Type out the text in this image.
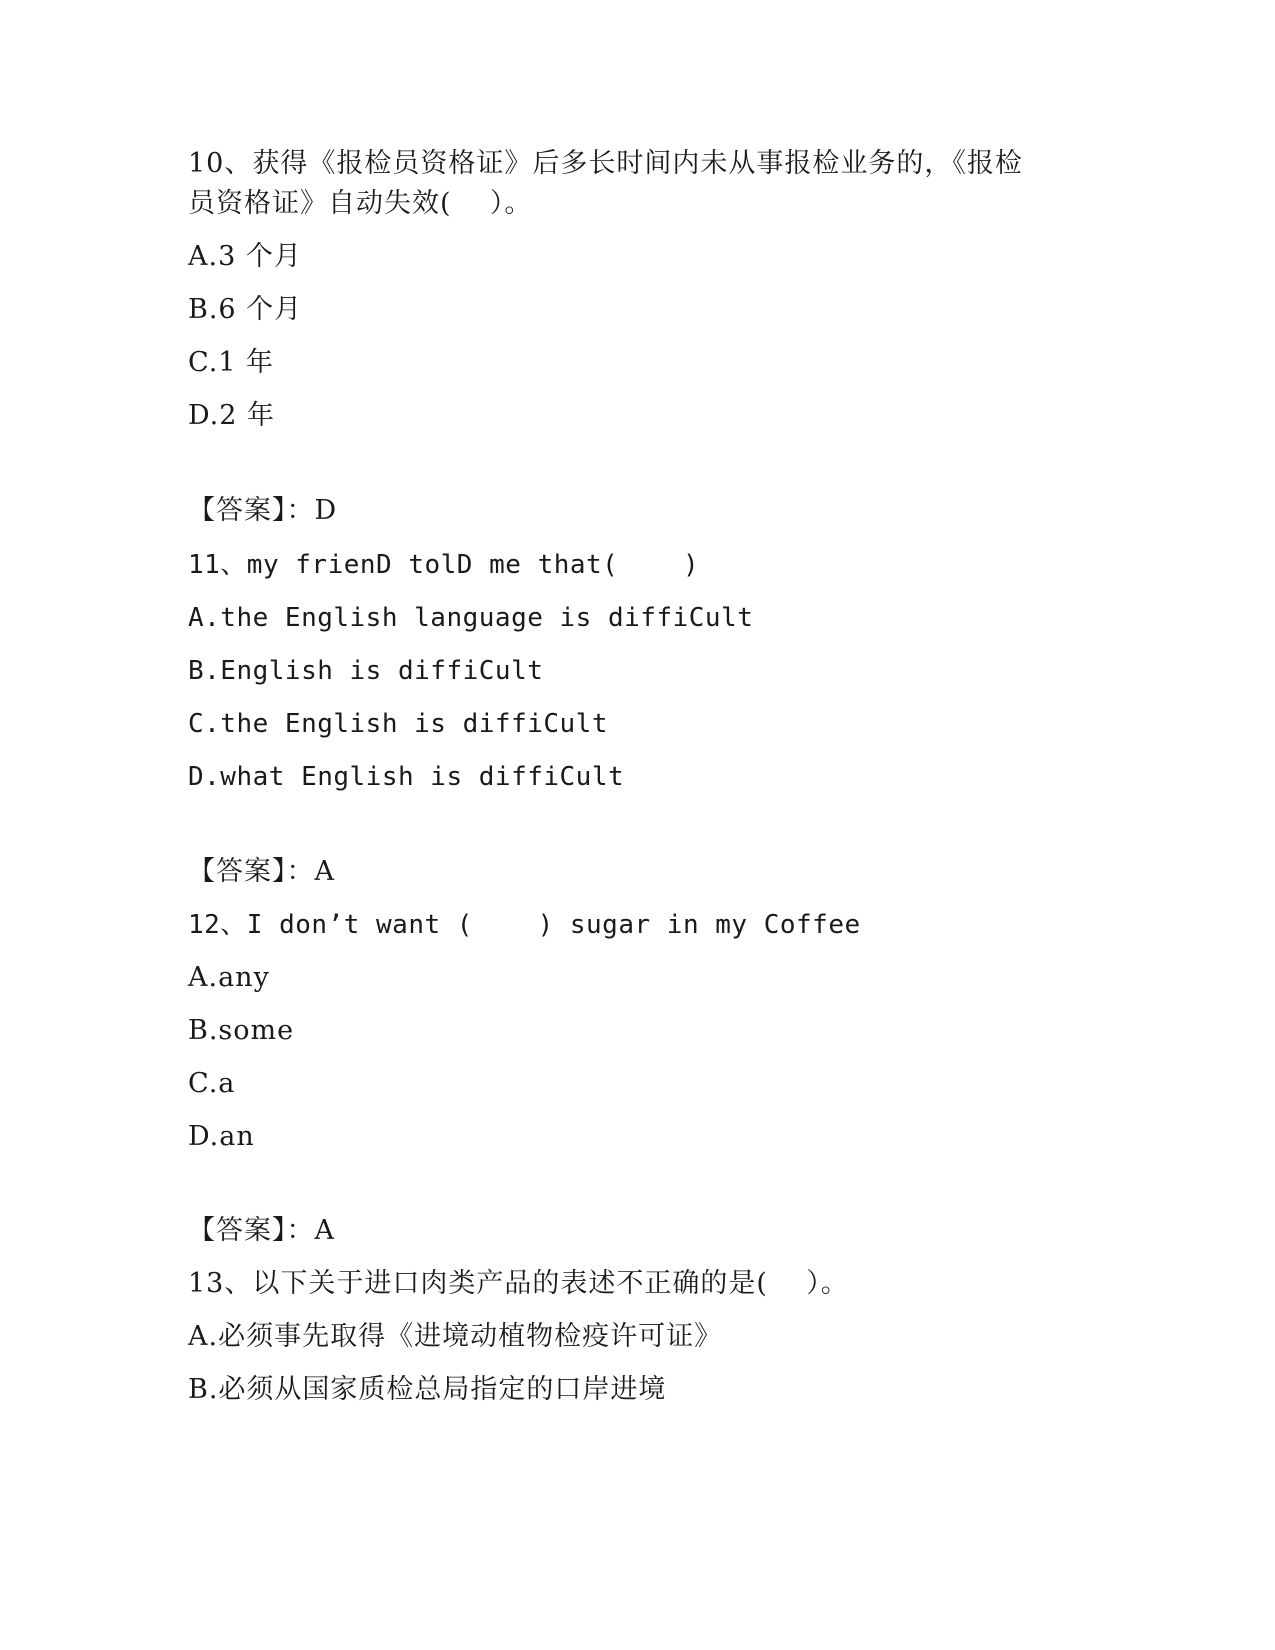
10、获得《报检员资格证》后多长时间内未从事报检业务的，《报检
员资格证》自动失效(    ）。
A.3 个月
B.6 个月
C.1 年
D.2 年
【答案】：D
11、my frienD tolD me that(    )
A.the English language is diffiCult
B.English is diffiCult
C.the English is diffiCult
D.what English is diffiCult
【答案】：A
12、I don’t want (    ) sugar in my Coffee
A.any
B.some
C.a
D.an
【答案】：A
13、以下关于进口肉类产品的表述不正确的是(    ）。
A.必须事先取得《进境动植物检疫许可证》
B.必须从国家质检总局指定的口岸进境
